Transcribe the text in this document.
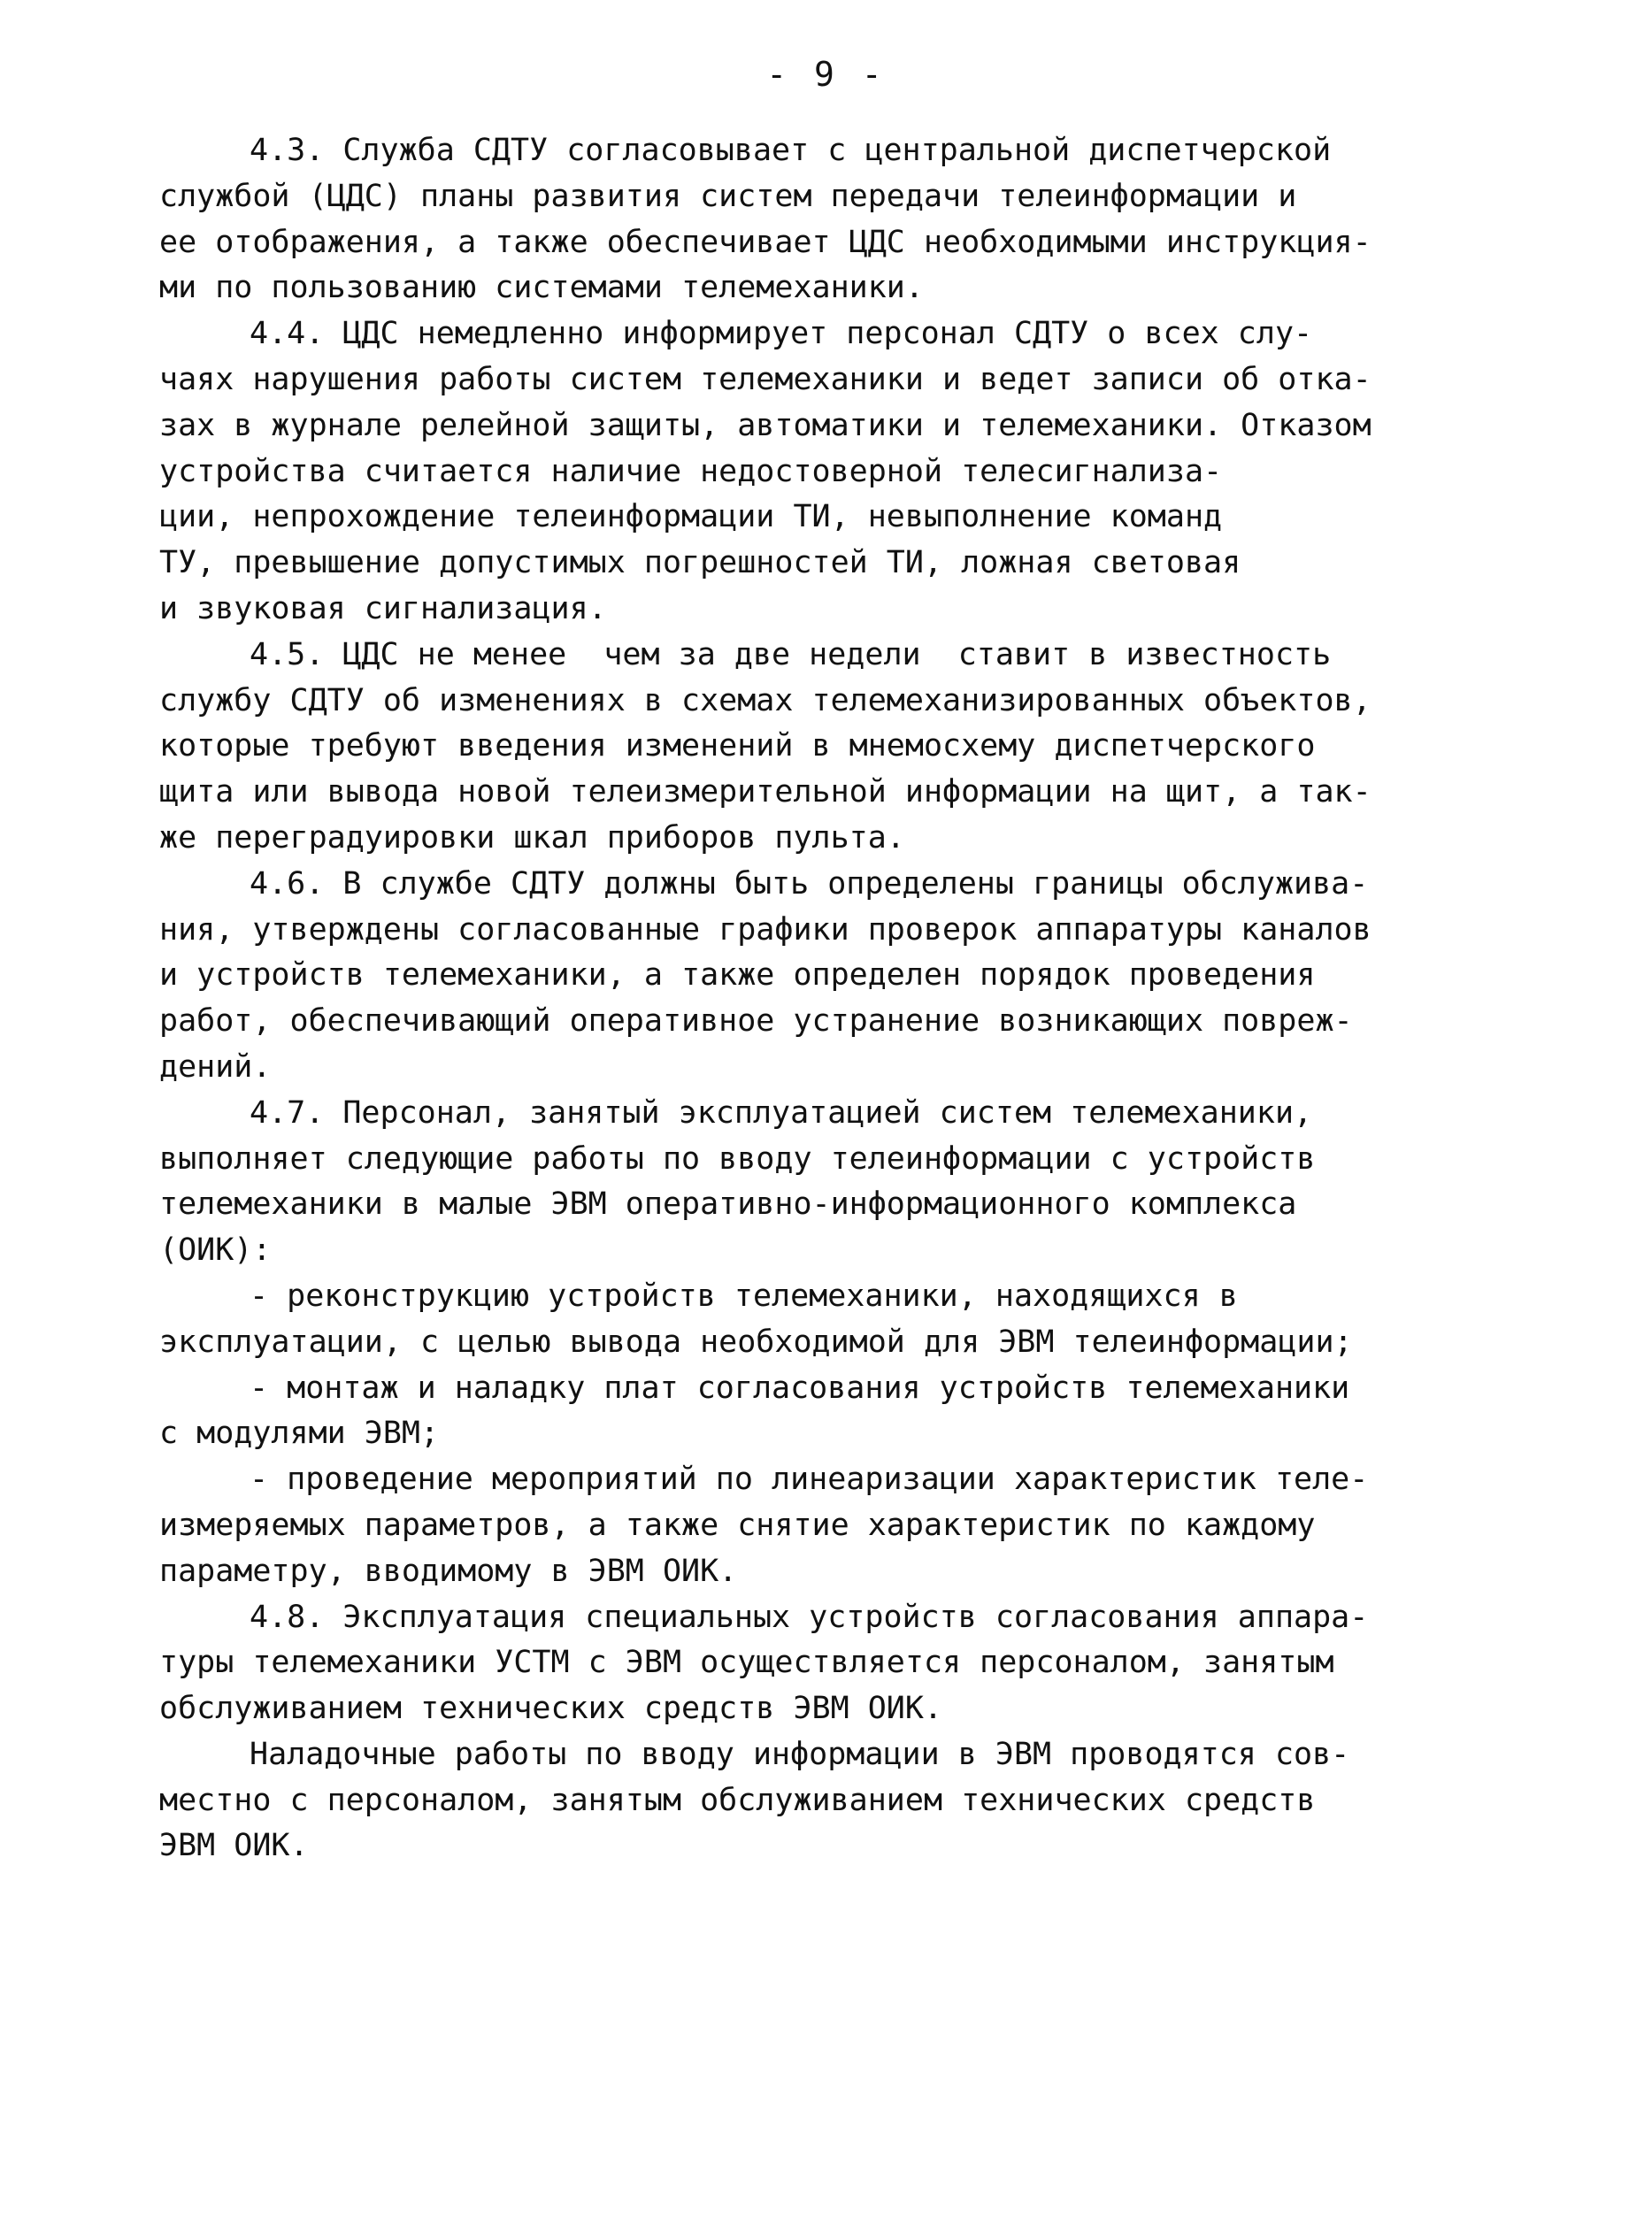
- 9 -

4.3. Служба СДТУ согласовывает с центральной диспетчерской
службой (ЦДС) планы развития систем передачи телеинформации и
ее отображения, а также обеспечивает ЦДС необходимыми инструкция-
ми по пользованию системами телемеханики.

4.4. ЦДС немедленно информирует персонал СДТУ о всех слу-
чаях нарушения работы систем телемеханики и ведет записи об отка-
зах в журнале релейной защиты, автоматики и телемеханики. Отказом
устройства считается наличие недостоверной телесигнализа-
ции, непрохождение телеинформации ТИ, невыполнение команд
ТУ, превышение допустимых погрешностей ТИ, ложная световая
и звуковая сигнализация.

4.5. ЦДС не менее  чем за две недели  ставит в известность
службу СДТУ об изменениях в схемах телемеханизированных объектов,
которые требуют введения изменений в мнемосхему диспетчерского
щита или вывода новой телеизмерительной информации на щит, а так-
же переградуировки шкал приборов пульта.

4.6. В службе СДТУ должны быть определены границы обслужива-
ния, утверждены согласованные графики проверок аппаратуры каналов
и устройств телемеханики, а также определен порядок проведения
работ, обеспечивающий оперативное устранение возникающих повреж-
дений.

4.7. Персонал, занятый эксплуатацией систем телемеханики,
выполняет следующие работы по вводу телеинформации с устройств
телемеханики в малые ЭВМ оперативно-информационного комплекса
(ОИК):

- реконструкцию устройств телемеханики, находящихся в
эксплуатации, с целью вывода необходимой для ЭВМ телеинформации;

- монтаж и наладку плат согласования устройств телемеханики
с модулями ЭВМ;

- проведение мероприятий по линеаризации характеристик теле-
измеряемых параметров, а также снятие характеристик по каждому
параметру, вводимому в ЭВМ ОИК.

4.8. Эксплуатация специальных устройств согласования аппара-
туры телемеханики УСТМ с ЭВМ осуществляется персоналом, занятым
обслуживанием технических средств ЭВМ ОИК.

Наладочные работы по вводу информации в ЭВМ проводятся сов-
местно с персоналом, занятым обслуживанием технических средств
ЭВМ ОИК.
